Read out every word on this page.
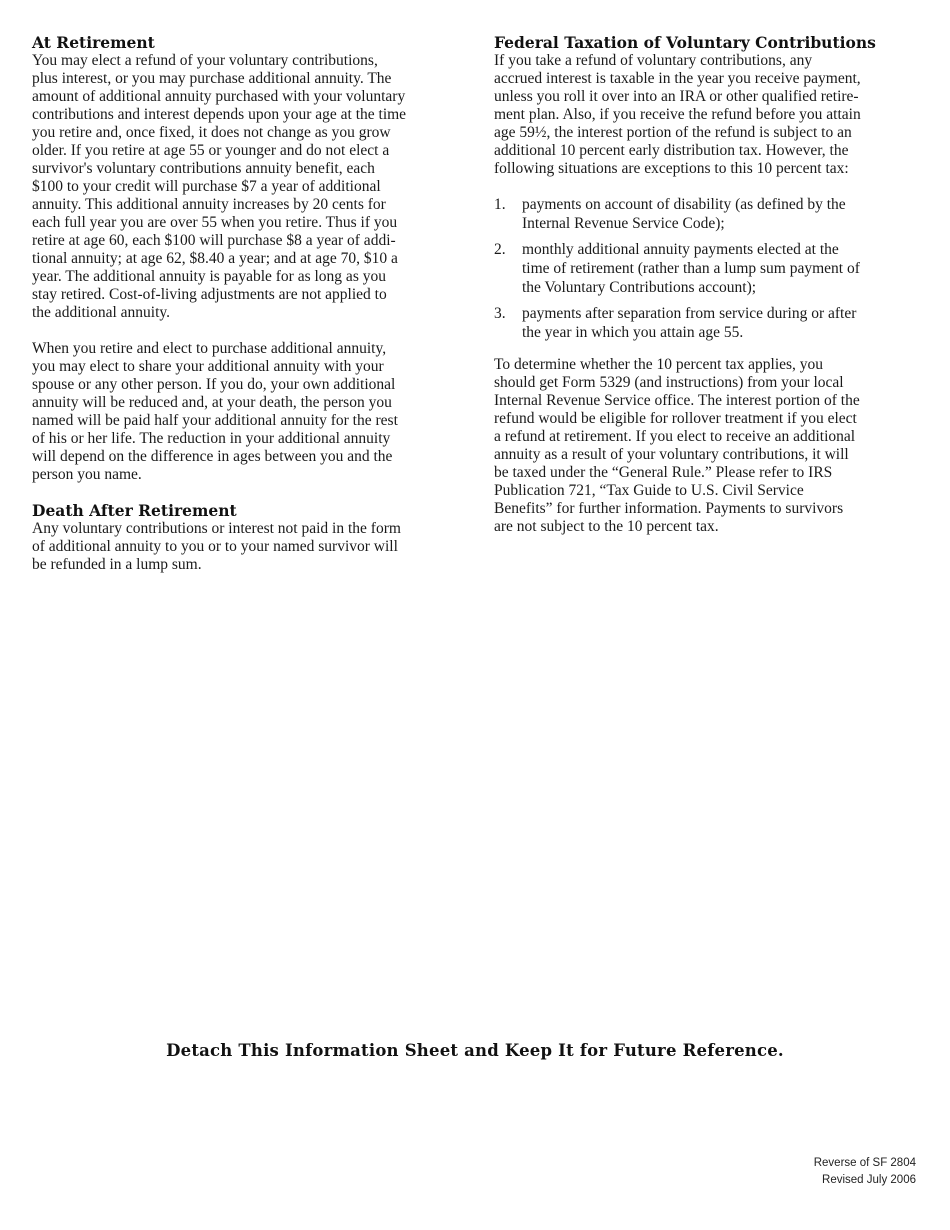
At Retirement

You may elect a refund of your voluntary contributions,
plus interest, or you may purchase additional annuity. The
amount of additional annuity purchased with your voluntary
contributions and interest depends upon your age at the time
you retire and, once fixed, it does not change as you grow
older. If you retire at age 55 or younger and do not elect a
survivor's voluntary contributions annuity benefit, each
$100 to your credit will purchase $7 a year of additional
annuity. This additional annuity increases by 20 cents for
each full year you are over 55 when you retire. Thus if you
retire at age 60, each $100 will purchase $8 a year of addi-
tional annuity; at age 62, $8.40 a year; and at age 70, $10 a
year. The additional annuity is payable for as long as you
stay retired. Cost-of-living adjustments are not applied to
the additional annuity.

When you retire and elect to purchase additional annuity,
you may elect to share your additional annuity with your
spouse or any other person. If you do, your own additional
annuity will be reduced and, at your death, the person you
named will be paid half your additional annuity for the rest
of his or her life. The reduction in your additional annuity
will depend on the difference in ages between you and the
person you name.

Death After Retirement

Any voluntary contributions or interest not paid in the form
of additional annuity to you or to your named survivor will
be refunded in a lump sum.

Federal Taxation of Voluntary Contributions

If you take a refund of voluntary contributions, any
accrued interest is taxable in the year you receive payment,
unless you roll it over into an IRA or other qualified retire-
ment plan. Also, if you receive the refund before you attain
age 59½, the interest portion of the refund is subject to an
additional 10 percent early distribution tax. However, the
following situations are exceptions to this 10 percent tax:

1.	payments on account of disability (as defined by the
Internal Revenue Service Code);
2.	monthly additional annuity payments elected at the
time of retirement (rather than a lump sum payment of
the Voluntary Contributions account);
3.	payments after separation from service during or after
the year in which you attain age 55.

To determine whether the 10 percent tax applies, you
should get Form 5329 (and instructions) from your local
Internal Revenue Service office. The interest portion of the
refund would be eligible for rollover treatment if you elect
a refund at retirement. If you elect to receive an additional
annuity as a result of your voluntary contributions, it will
be taxed under the “General Rule.” Please refer to IRS
Publication 721, “Tax Guide to U.S. Civil Service
Benefits” for further information. Payments to survivors
are not subject to the 10 percent tax.

Detach This Information Sheet and Keep It for Future Reference.
Reverse of SF 2804
Revised July 2006
